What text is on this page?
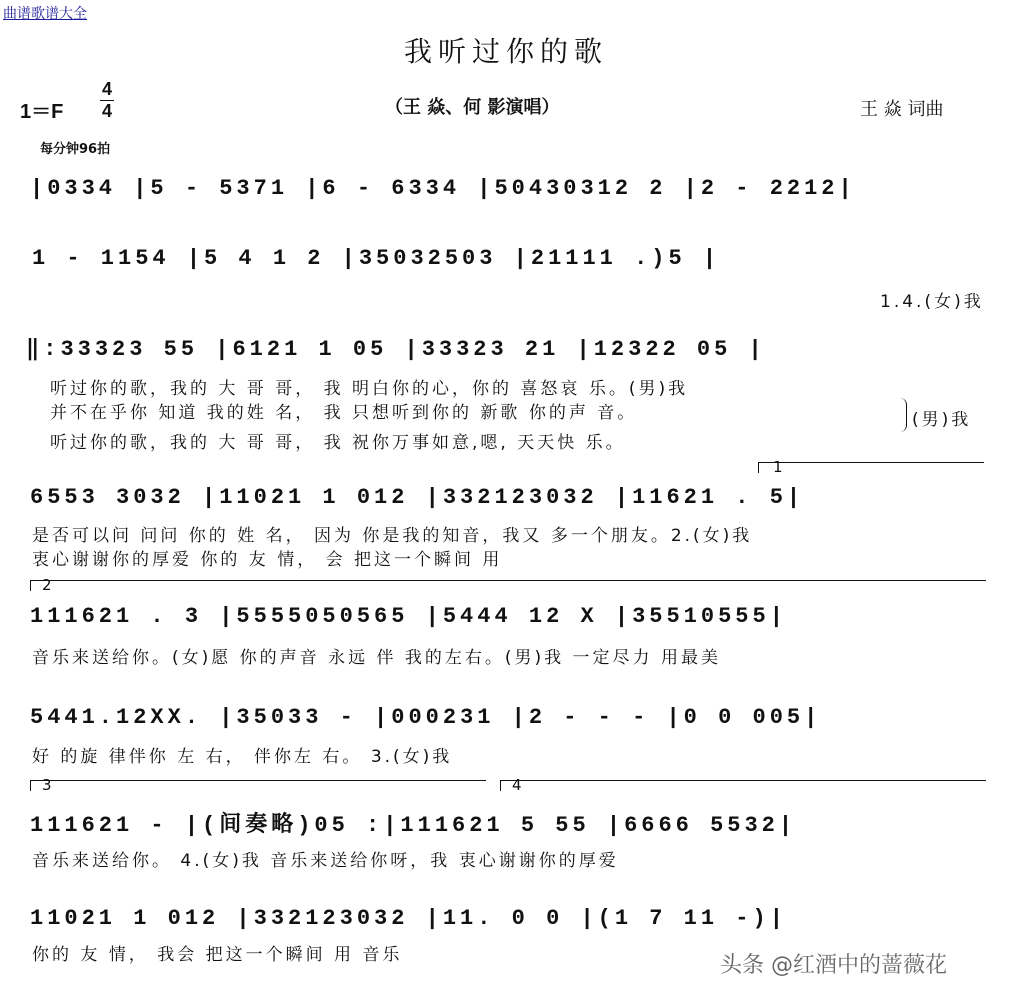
曲谱歌谱大全
我听过你的歌
1＝F
4
4	（王 焱、何 影演唱）	王 焱 词曲
每分钟96拍
|0334 |5 - 5371 |6 - 6334 |50430312 2 |2 - 2212|
1 - 1154 |5 4 1 2 |35032503 |21111 .)5 |
1.4.(女)我
‖:33323 55 |6121 1 05 |33323 21 |12322 05 |
听过你的歌，我的 大 哥 哥， 我 明白你的心，你的 喜怒哀 乐。(男)我
并不在乎你 知道 我的姓 名， 我 只想听到你的 新歌 你的声 音。
听过你的歌，我的 大 哥 哥， 我 祝你万事如意,嗯, 天天快 乐。
(男)我
1
6553 3032 |11021 1 012 |332123032 |11621 . 5|
是否可以问 问问 你的 姓 名， 因为 你是我的知音，我又 多一个朋友。2.(女)我
衷心谢谢你的厚爱 你的 友 情， 会 把这一个瞬间 用
2
111621 . 3 |5555050565 |5444 12 X |35510555|
音乐来送给你。(女)愿 你的声音 永远 伴 我的左右。(男)我 一定尽力 用最美
5441.12XX. |35033 - |000231 |2 - - - |0 0 005|
好 的旋 律伴你 左 右， 伴你左 右。 3.(女)我
3	4
111621 - |(间奏略)05 :|111621 5 55 |6666 5532|
音乐来送给你。 4.(女)我 音乐来送给你呀，我 衷心谢谢你的厚爱
11021 1 012 |332123032 |11. 0 0 |(1 7 11 -)|
你的 友 情， 我会 把这一个瞬间 用 音乐	头条 @红酒中的蔷薇花
